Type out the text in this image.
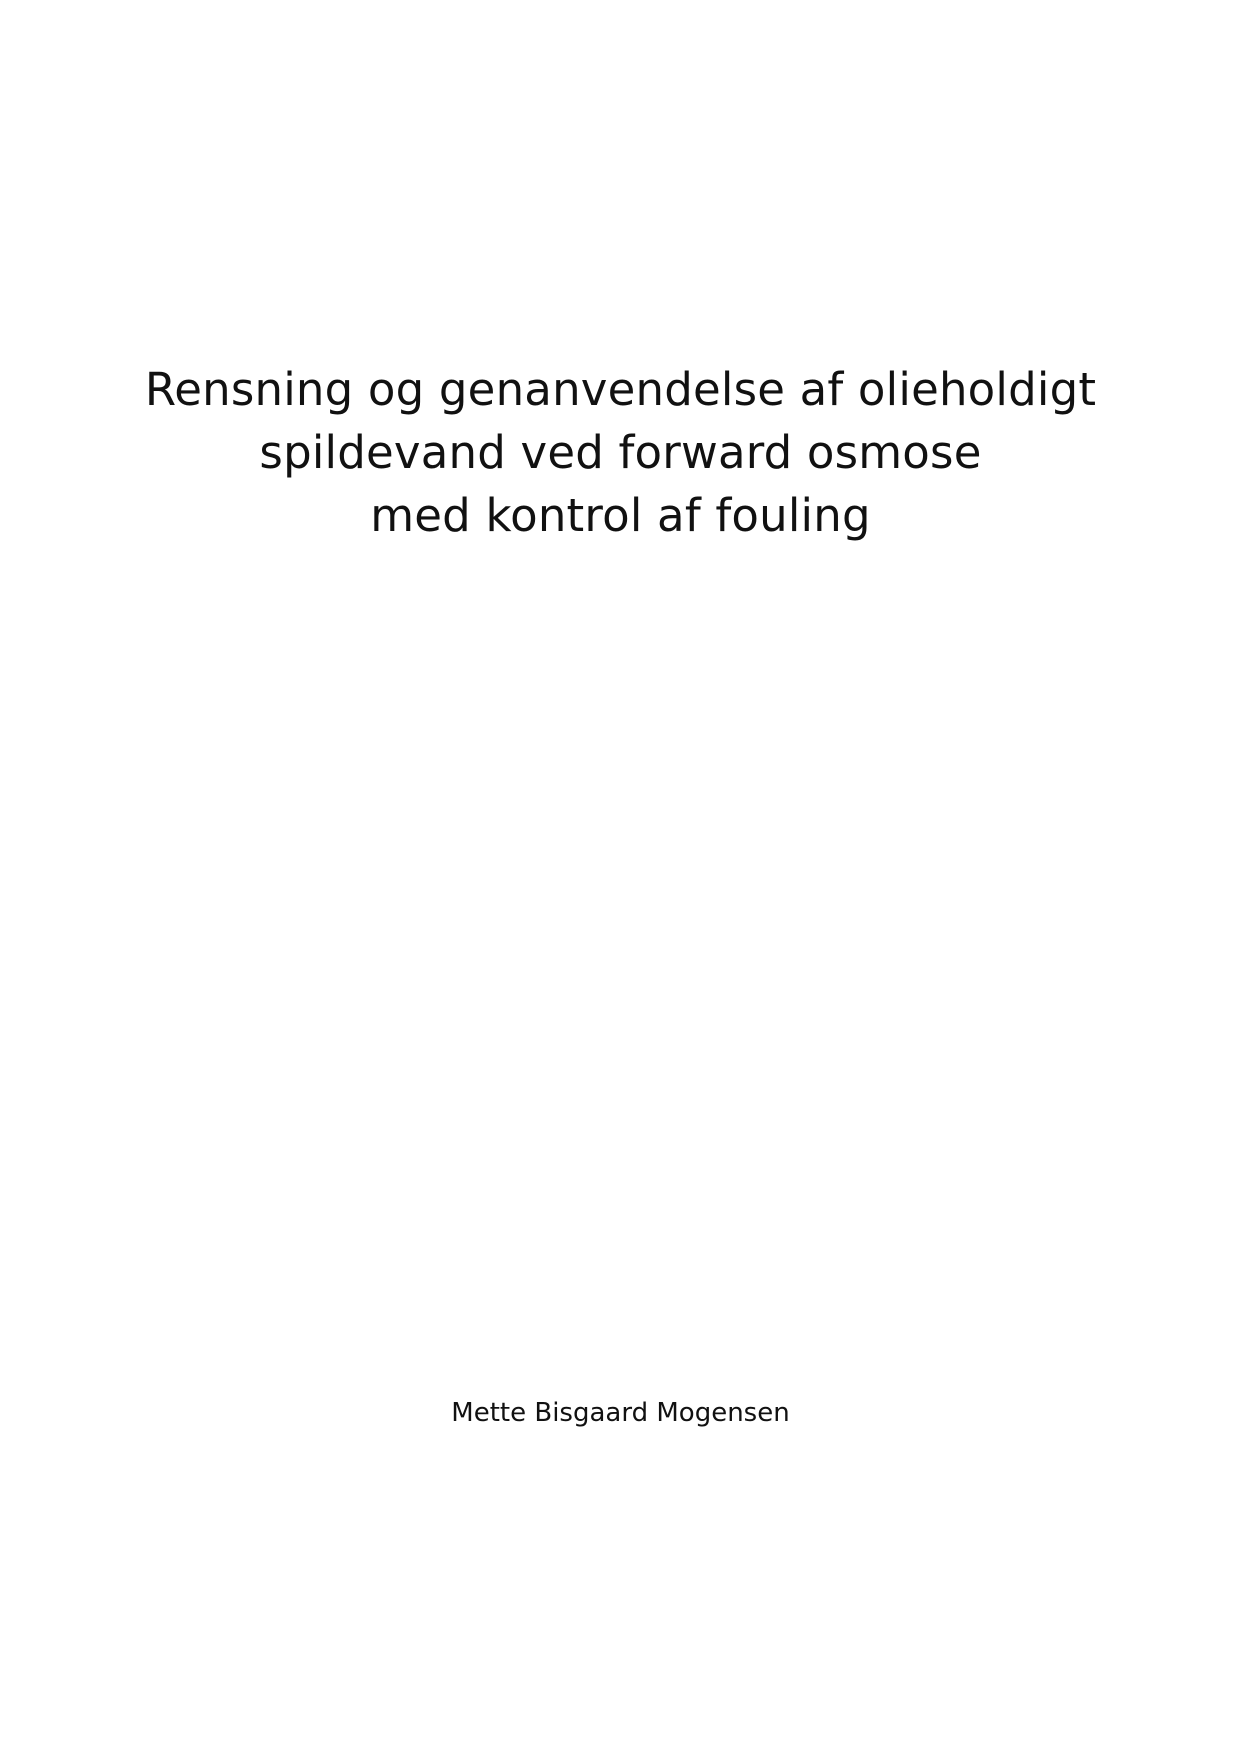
Rensning og genanvendelse af olieholdigt
spildevand ved forward osmose
med kontrol af fouling
Mette Bisgaard Mogensen
